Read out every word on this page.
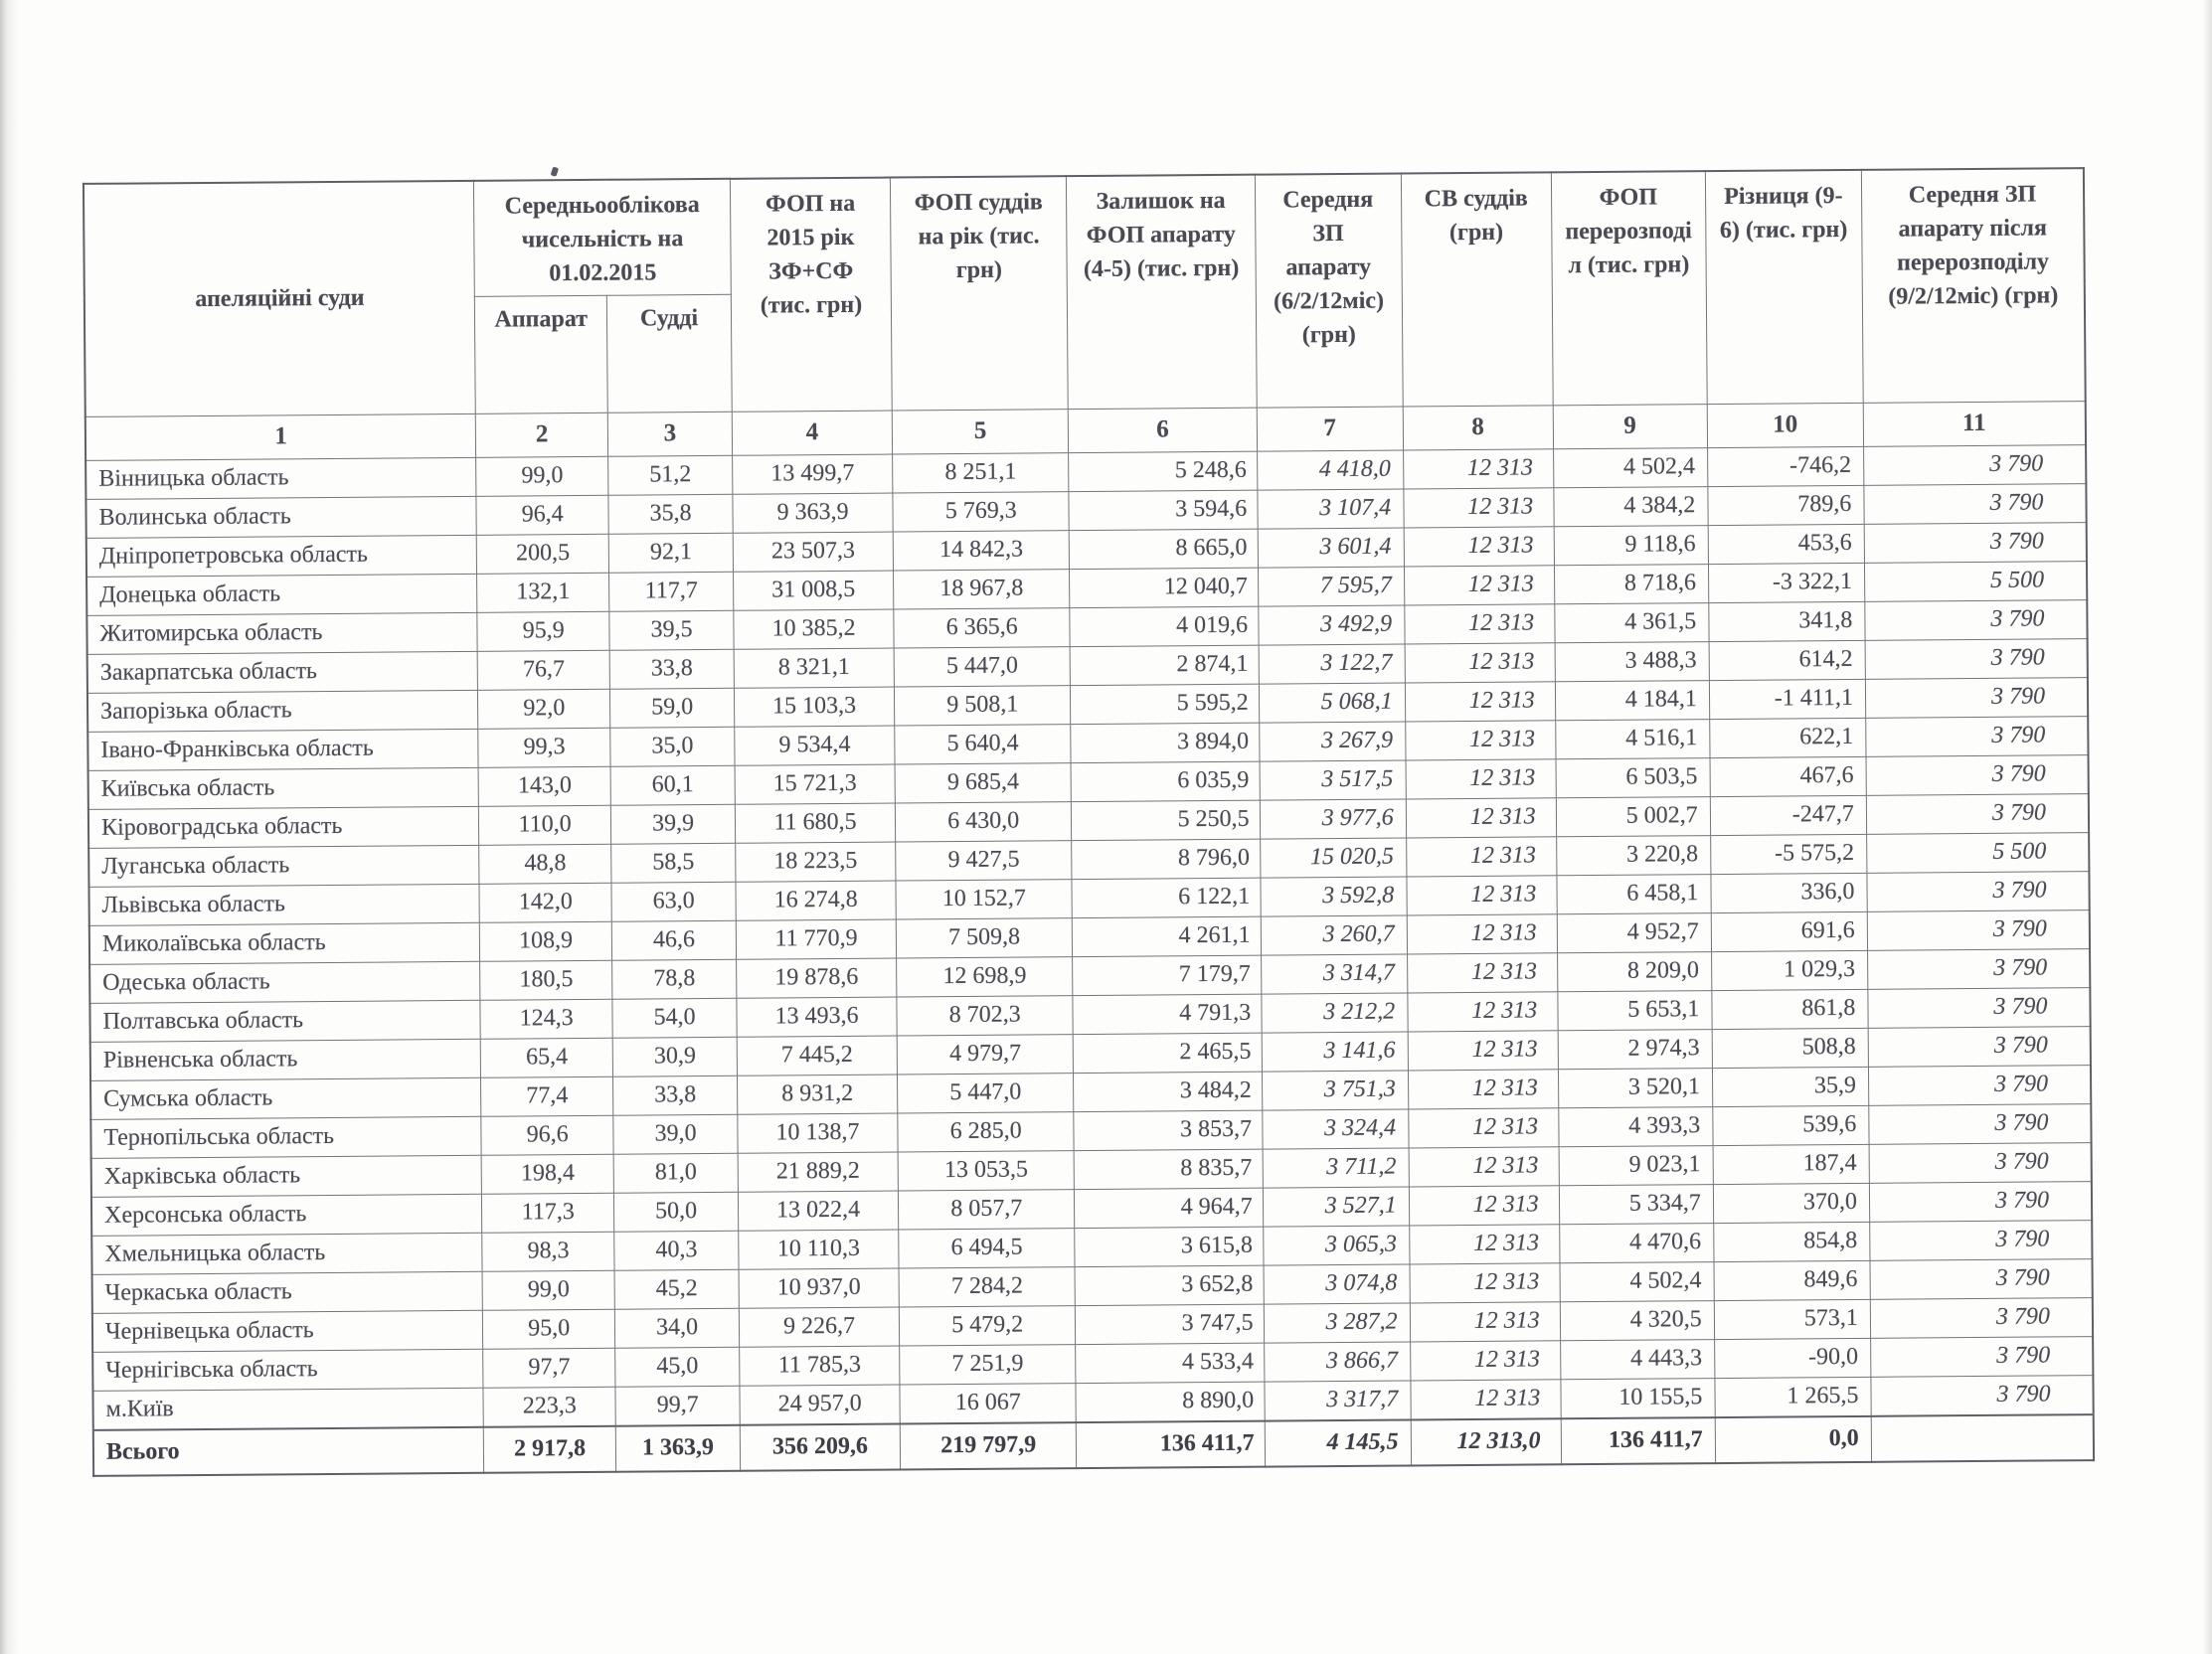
апеляційні суди	Середньооблікова чисельність на 01.02.2015		ФОП на 2015 рік ЗФ+СФ (тис. грн)	ФОП суддів на рік (тис. грн)	Залишок на ФОП апарату (4-5) (тис. грн)	Середня ЗП апарату (6/2/12міс) (грн)	СВ суддів (грн)	ФОП перерозподіл (тис. грн)	Різниця (9-6) (тис. грн)	Середня ЗП апарату після перерозподілу (9/2/12міс) (грн)
	Аппарат	Судді								
1	2	3	4	5	6	7	8	9	10	11
Вінницька область	99,0	51,2	13 499,7	8 251,1	5 248,6	4 418,0	12 313	4 502,4	-746,2	3 790
Волинська область	96,4	35,8	9 363,9	5 769,3	3 594,6	3 107,4	12 313	4 384,2	789,6	3 790
Дніпропетровська область	200,5	92,1	23 507,3	14 842,3	8 665,0	3 601,4	12 313	9 118,6	453,6	3 790
Донецька область	132,1	117,7	31 008,5	18 967,8	12 040,7	7 595,7	12 313	8 718,6	-3 322,1	5 500
Житомирська область	95,9	39,5	10 385,2	6 365,6	4 019,6	3 492,9	12 313	4 361,5	341,8	3 790
Закарпатська область	76,7	33,8	8 321,1	5 447,0	2 874,1	3 122,7	12 313	3 488,3	614,2	3 790
Запорізька область	92,0	59,0	15 103,3	9 508,1	5 595,2	5 068,1	12 313	4 184,1	-1 411,1	3 790
Івано-Франківська область	99,3	35,0	9 534,4	5 640,4	3 894,0	3 267,9	12 313	4 516,1	622,1	3 790
Київська область	143,0	60,1	15 721,3	9 685,4	6 035,9	3 517,5	12 313	6 503,5	467,6	3 790
Кіровоградська область	110,0	39,9	11 680,5	6 430,0	5 250,5	3 977,6	12 313	5 002,7	-247,7	3 790
Луганська область	48,8	58,5	18 223,5	9 427,5	8 796,0	15 020,5	12 313	3 220,8	-5 575,2	5 500
Львівська область	142,0	63,0	16 274,8	10 152,7	6 122,1	3 592,8	12 313	6 458,1	336,0	3 790
Миколаївська область	108,9	46,6	11 770,9	7 509,8	4 261,1	3 260,7	12 313	4 952,7	691,6	3 790
Одеська область	180,5	78,8	19 878,6	12 698,9	7 179,7	3 314,7	12 313	8 209,0	1 029,3	3 790
Полтавська область	124,3	54,0	13 493,6	8 702,3	4 791,3	3 212,2	12 313	5 653,1	861,8	3 790
Рівненська область	65,4	30,9	7 445,2	4 979,7	2 465,5	3 141,6	12 313	2 974,3	508,8	3 790
Сумська область	77,4	33,8	8 931,2	5 447,0	3 484,2	3 751,3	12 313	3 520,1	35,9	3 790
Тернопільська область	96,6	39,0	10 138,7	6 285,0	3 853,7	3 324,4	12 313	4 393,3	539,6	3 790
Харківська область	198,4	81,0	21 889,2	13 053,5	8 835,7	3 711,2	12 313	9 023,1	187,4	3 790
Херсонська область	117,3	50,0	13 022,4	8 057,7	4 964,7	3 527,1	12 313	5 334,7	370,0	3 790
Хмельницька область	98,3	40,3	10 110,3	6 494,5	3 615,8	3 065,3	12 313	4 470,6	854,8	3 790
Черкаська область	99,0	45,2	10 937,0	7 284,2	3 652,8	3 074,8	12 313	4 502,4	849,6	3 790
Чернівецька область	95,0	34,0	9 226,7	5 479,2	3 747,5	3 287,2	12 313	4 320,5	573,1	3 790
Чернігівська область	97,7	45,0	11 785,3	7 251,9	4 533,4	3 866,7	12 313	4 443,3	-90,0	3 790
м.Київ	223,3	99,7	24 957,0	16 067	8 890,0	3 317,7	12 313	10 155,5	1 265,5	3 790
Всього	2 917,8	1 363,9	356 209,6	219 797,9	136 411,7	4 145,5	12 313,0	136 411,7	0,0	
